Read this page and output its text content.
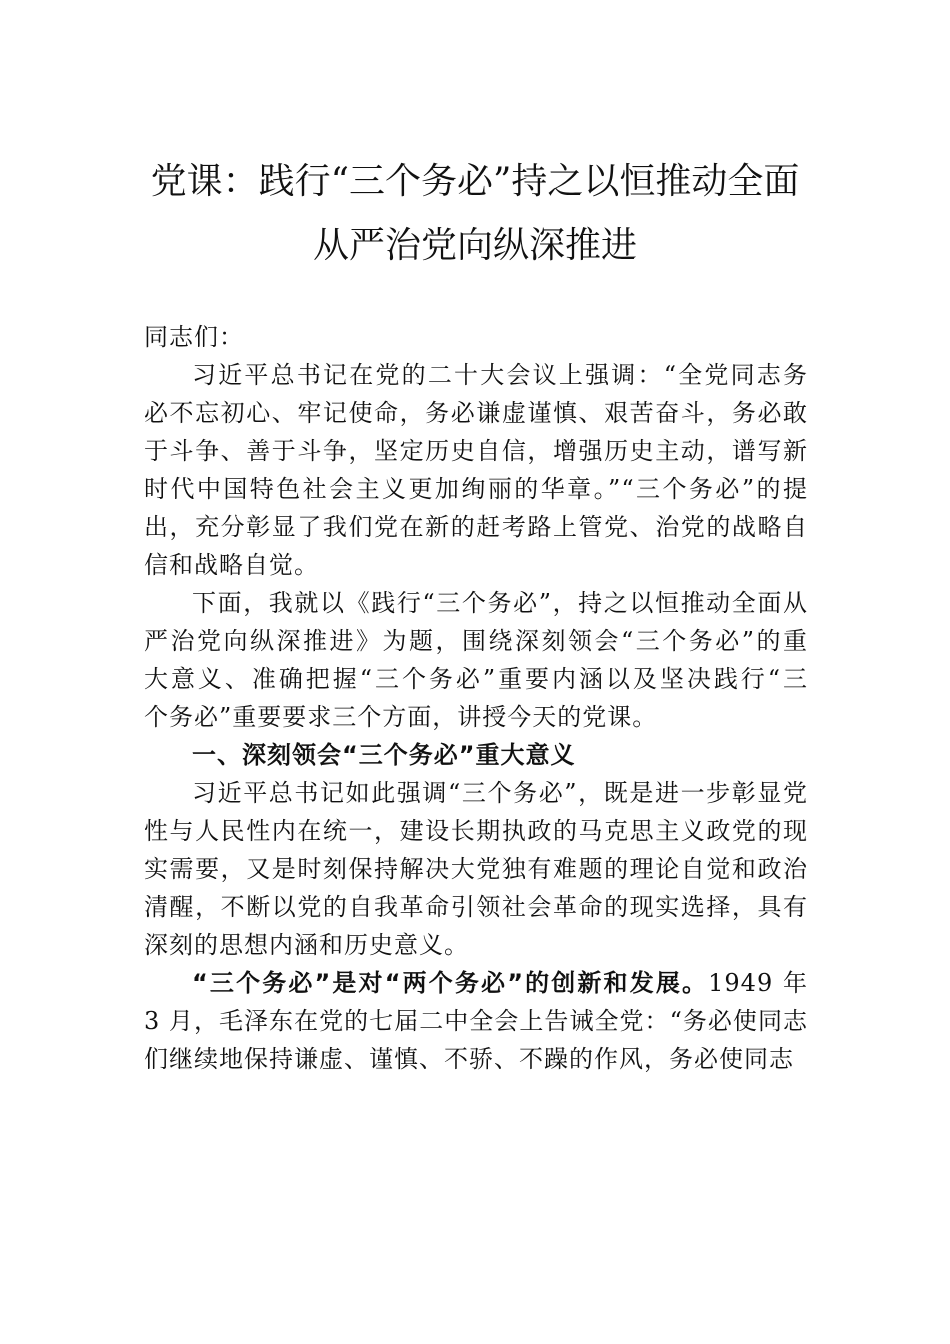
党课：践行“三个务必”持之以恒推动全面
从严治党向纵深推进
同志们：
习近平总书记在党的二十大会议上强调：“全党同志务
必不忘初心、牢记使命，务必谦虚谨慎、艰苦奋斗，务必敢
于斗争、善于斗争，坚定历史自信，增强历史主动，谱写新
时代中国特色社会主义更加绚丽的华章。”“三个务必”的提
出，充分彰显了我们党在新的赶考路上管党、治党的战略自
信和战略自觉。
下面，我就以《践行“三个务必”，持之以恒推动全面从
严治党向纵深推进》为题，围绕深刻领会“三个务必”的重
大意义、准确把握“三个务必”重要内涵以及坚决践行“三
个务必”重要要求三个方面，讲授今天的党课。
一、深刻领会“三个务必”重大意义
习近平总书记如此强调“三个务必”，既是进一步彰显党
性与人民性内在统一，建设长期执政的马克思主义政党的现
实需要，又是时刻保持解决大党独有难题的理论自觉和政治
清醒，不断以党的自我革命引领社会革命的现实选择，具有
深刻的思想内涵和历史意义。
“三个务必”是对“两个务必”的创新和发展。1949 年
3 月，毛泽东在党的七届二中全会上告诫全党：“务必使同志
们继续地保持谦虚、谨慎、不骄、不躁的作风，务必使同志
